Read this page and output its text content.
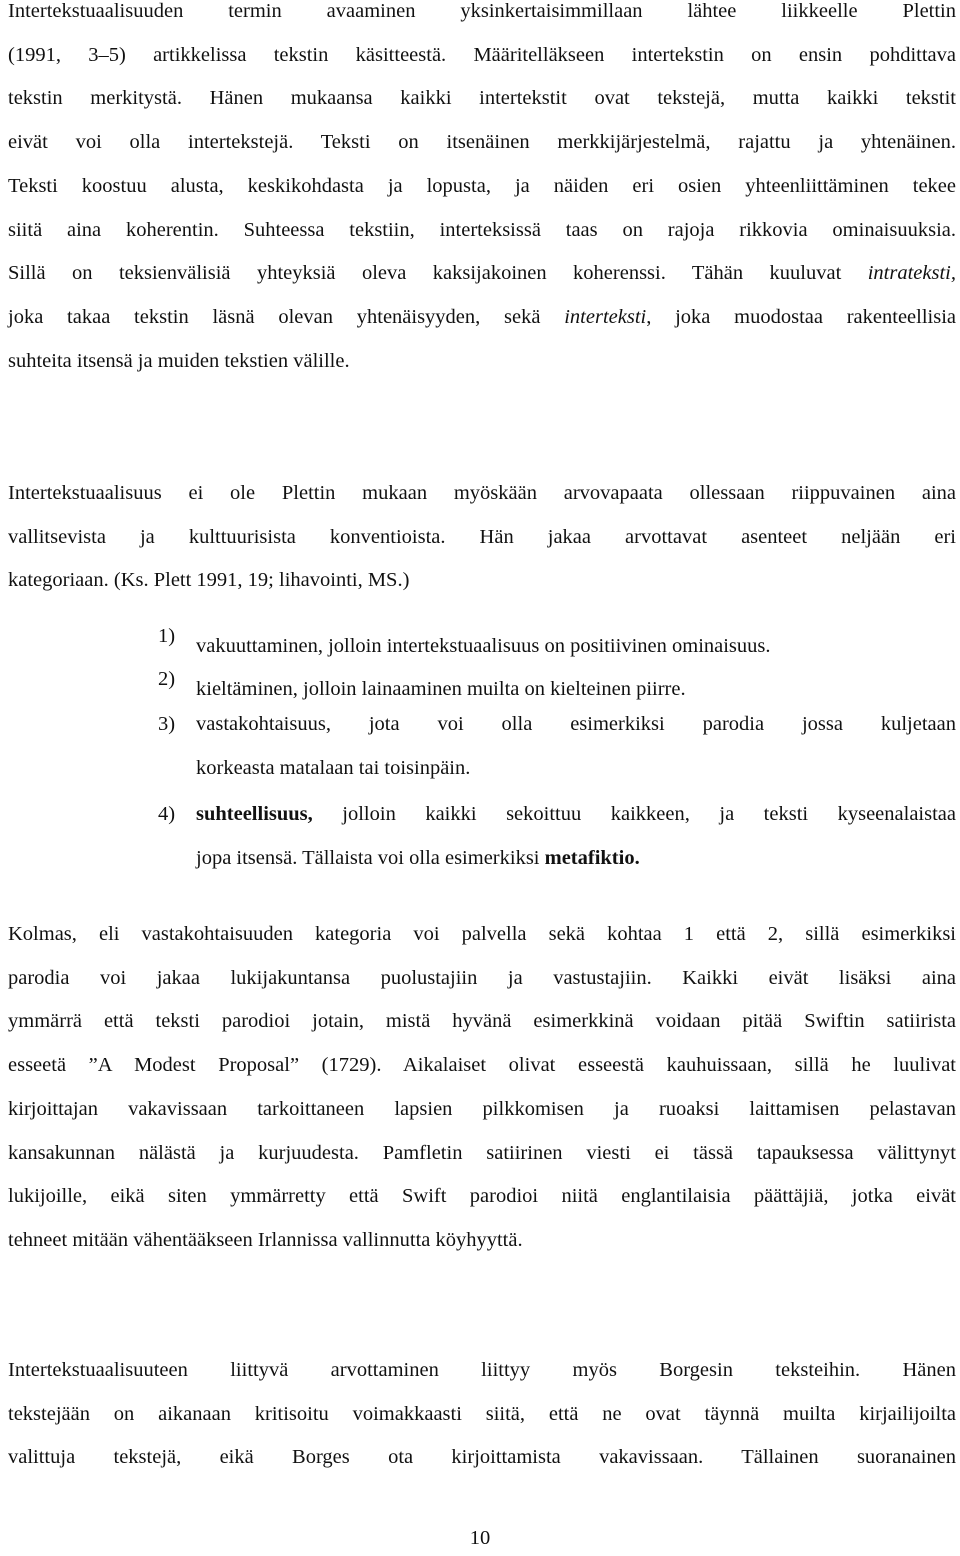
Intertekstuaalisuuden termin avaaminen yksinkertaisimmillaan lähtee liikkeelle Plettin
(1991, 3–5) artikkelissa tekstin käsitteestä. Määritelläkseen intertekstin on ensin pohdittava
tekstin merkitystä. Hänen mukaansa kaikki intertekstit ovat tekstejä, mutta kaikki tekstit
eivät voi olla intertekstejä. Teksti on itsenäinen merkkijärjestelmä, rajattu ja yhtenäinen.
Teksti koostuu alusta, keskikohdasta ja lopusta, ja näiden eri osien yhteenliittäminen tekee
siitä aina koherentin. Suhteessa tekstiin, interteksissä taas on rajoja rikkovia ominaisuuksia.
Sillä on teksienvälisiä yhteyksiä oleva kaksijakoinen koherenssi. Tähän kuuluvat intrateksti,
joka takaa tekstin läsnä olevan yhtenäisyyden, sekä interteksti, joka muodostaa rakenteellisia
suhteita itsensä ja muiden tekstien välille.
Intertekstuaalisuus ei ole Plettin mukaan myöskään arvovapaata ollessaan riippuvainen aina
vallitsevista ja kulttuurisista konventioista. Hän jakaa arvottavat asenteet neljään eri
kategoriaan. (Ks. Plett 1991, 19; lihavointi, MS.)
1)	vakuuttaminen, jolloin intertekstuaalisuus on positiivinen ominaisuus.
2)	kieltäminen, jolloin lainaaminen muilta on kielteinen piirre.
3)	vastakohtaisuus, jota voi olla esimerkiksi parodia jossa kuljetaan
korkeasta matalaan tai toisinpäin.
4)	suhteellisuus, jolloin kaikki sekoittuu kaikkeen, ja teksti kyseenalaistaa
jopa itsensä. Tällaista voi olla esimerkiksi metafiktio.
Kolmas, eli vastakohtaisuuden kategoria voi palvella sekä kohtaa 1 että 2, sillä esimerkiksi
parodia voi jakaa lukijakuntansa puolustajiin ja vastustajiin. Kaikki eivät lisäksi aina
ymmärrä että teksti parodioi jotain, mistä hyvänä esimerkkinä voidaan pitää Swiftin satiirista
esseetä ”A Modest Proposal” (1729). Aikalaiset olivat esseestä kauhuissaan, sillä he luulivat
kirjoittajan vakavissaan tarkoittaneen lapsien pilkkomisen ja ruoaksi laittamisen pelastavan
kansakunnan nälästä ja kurjuudesta. Pamfletin satiirinen viesti ei tässä tapauksessa välittynyt
lukijoille, eikä siten ymmärretty että Swift parodioi niitä englantilaisia päättäjiä, jotka eivät
tehneet mitään vähentääkseen Irlannissa vallinnutta köyhyyttä.
Intertekstuaalisuuteen liittyvä arvottaminen liittyy myös Borgesin teksteihin. Hänen
tekstejään on aikanaan kritisoitu voimakkaasti siitä, että ne ovat täynnä muilta kirjailijoilta
valittuja tekstejä, eikä Borges ota kirjoittamista vakavissaan. Tällainen suoranainen
10
